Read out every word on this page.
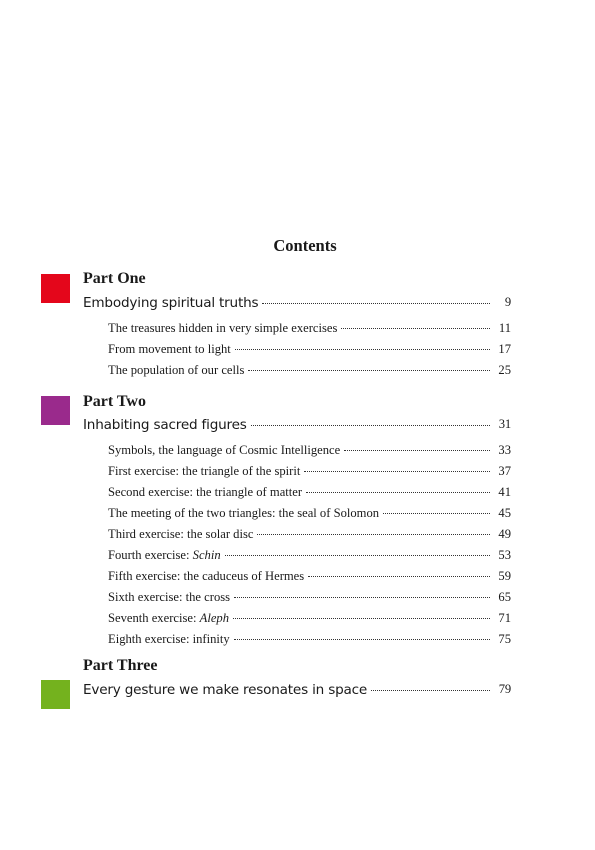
Contents
Part One
Embodying spiritual truths	9
The treasures hidden in very simple exercises	11
From movement to light	17
The population of our cells	25
Part Two
Inhabiting sacred figures	31
Symbols, the language of Cosmic Intelligence	33
First exercise: the triangle of the spirit	37
Second exercise: the triangle of matter	41
The meeting of the two triangles: the seal of Solomon	45
Third exercise: the solar disc	49
Fourth exercise: Schin	53
Fifth exercise: the caduceus of Hermes	59
Sixth exercise: the cross	65
Seventh exercise: Aleph	71
Eighth exercise: infinity	75
Part Three
Every gesture we make resonates in space	79
